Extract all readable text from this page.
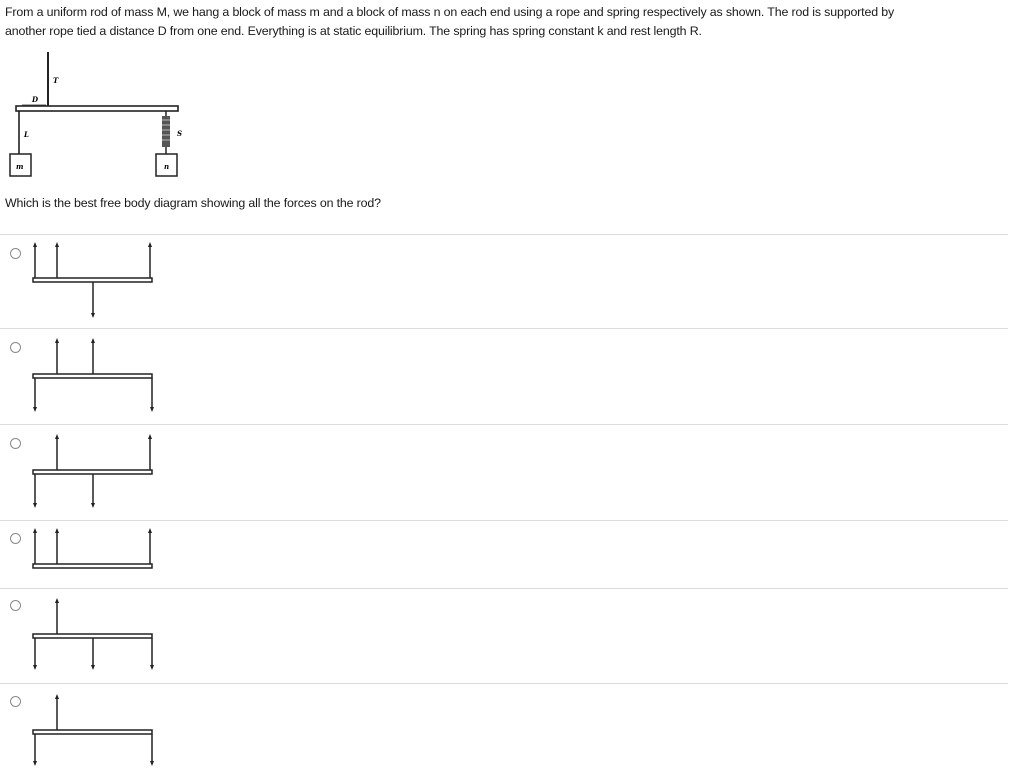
From a uniform rod of mass M, we hang a block of mass m and a block of mass n on each end using a rope and spring respectively as shown. The rod is supported by
another rope tied a distance D from one end. Everything is at static equilibrium. The spring has spring constant k and rest length R.
T
D
L
m
S
n
Which is the best free body diagram showing all the forces on the rod?
